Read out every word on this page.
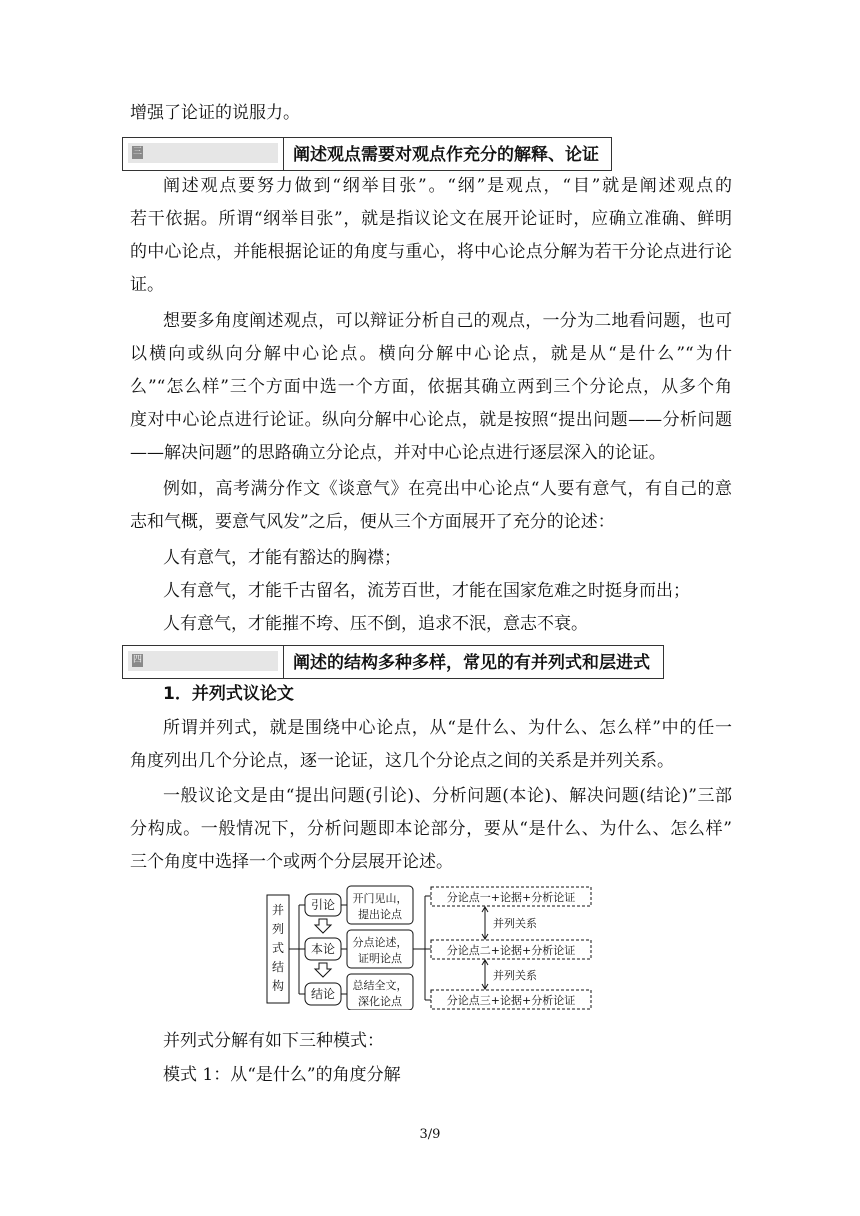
增强了论证的说服力。
三	阐述观点需要对观点作充分的解释、论证
阐述观点要努力做到“纲举目张”。“纲”是观点，“目”就是阐述观点的
若干依据。所谓“纲举目张”，就是指议论文在展开论证时，应确立准确、鲜明
的中心论点，并能根据论证的角度与重心，将中心论点分解为若干分论点进行论
证。
想要多角度阐述观点，可以辩证分析自己的观点，一分为二地看问题，也可
以横向或纵向分解中心论点。横向分解中心论点，就是从“是什么”“为什
么”“怎么样”三个方面中选一个方面，依据其确立两到三个分论点，从多个角
度对中心论点进行论证。纵向分解中心论点，就是按照“提出问题——分析问题
——解决问题”的思路确立分论点，并对中心论点进行逐层深入的论证。
例如，高考满分作文《谈意气》在亮出中心论点“人要有意气，有自己的意
志和气概，要意气风发”之后，便从三个方面展开了充分的论述：
人有意气，才能有豁达的胸襟；
人有意气，才能千古留名，流芳百世，才能在国家危难之时挺身而出；
人有意气，才能摧不垮、压不倒，追求不泯，意志不衰。
四	阐述的结构多种多样，常见的有并列式和层进式
1．并列式议论文
所谓并列式，就是围绕中心论点，从“是什么、为什么、怎么样”中的任一
角度列出几个分论点，逐一论证，这几个分论点之间的关系是并列关系。
一般议论文是由“提出问题(引论)、分析问题(本论)、解决问题(结论)”三部
分构成。一般情况下，分析问题即本论部分，要从“是什么、为什么、怎么样”
三个角度中选择一个或两个分层展开论述。
并
列
式
结
构
引论
本论
结论
开门见山，
提出论点
分点论述，
证明论点
总结全文，
深化论点
分论点一+论据+分析论证
分论点二+论据+分析论证
分论点三+论据+分析论证
并列关系
并列关系
并列式分解有如下三种模式：
模式 1：从“是什么”的角度分解
3/9
